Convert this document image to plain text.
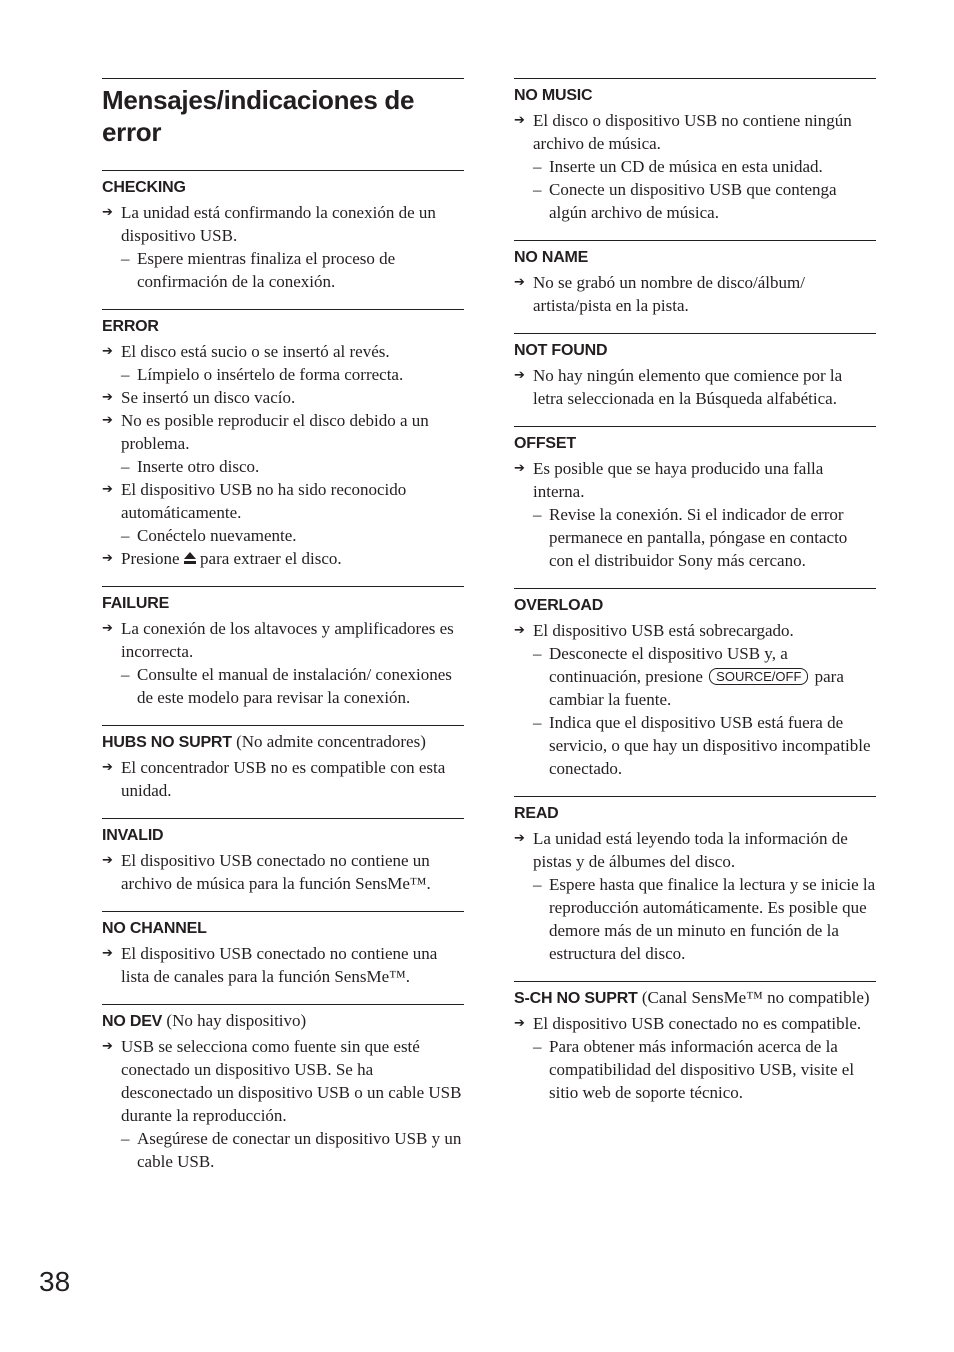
Mensajes/indicaciones de error
CHECKING
➔ La unidad está confirmando la conexión de un dispositivo USB.
– Espere mientras finaliza el proceso de confirmación de la conexión.
ERROR
➔ El disco está sucio o se insertó al revés.
– Límpielo o insértelo de forma correcta.
➔ Se insertó un disco vacío.
➔ No es posible reproducir el disco debido a un problema.
– Inserte otro disco.
➔ El dispositivo USB no ha sido reconocido automáticamente.
– Conéctelo nuevamente.
➔ Presione para extraer el disco.
FAILURE
➔ La conexión de los altavoces y amplificadores es incorrecta.
– Consulte el manual de instalación/ conexiones de este modelo para revisar la conexión.
HUBS NO SUPRT (No admite concentradores)
➔ El concentrador USB no es compatible con esta unidad.
INVALID
➔ El dispositivo USB conectado no contiene un archivo de música para la función SensMe™.
NO CHANNEL
➔ El dispositivo USB conectado no contiene una lista de canales para la función SensMe™.
NO DEV (No hay dispositivo)
➔ USB se selecciona como fuente sin que esté conectado un dispositivo USB. Se ha desconectado un dispositivo USB o un cable USB durante la reproducción.
– Asegúrese de conectar un dispositivo USB y un cable USB.
NO MUSIC
➔ El disco o dispositivo USB no contiene ningún archivo de música.
– Inserte un CD de música en esta unidad.
– Conecte un dispositivo USB que contenga algún archivo de música.
NO NAME
➔ No se grabó un nombre de disco/álbum/ artista/pista en la pista.
NOT FOUND
➔ No hay ningún elemento que comience por la letra seleccionada en la Búsqueda alfabética.
OFFSET
➔ Es posible que se haya producido una falla interna.
– Revise la conexión. Si el indicador de error permanece en pantalla, póngase en contacto con el distribuidor Sony más cercano.
OVERLOAD
➔ El dispositivo USB está sobrecargado.
– Desconecte el dispositivo USB y, a continuación, presione SOURCE/OFF para cambiar la fuente.
– Indica que el dispositivo USB está fuera de servicio, o que hay un dispositivo incompatible conectado.
READ
➔ La unidad está leyendo toda la información de pistas y de álbumes del disco.
– Espere hasta que finalice la lectura y se inicie la reproducción automáticamente. Es posible que demore más de un minuto en función de la estructura del disco.
S-CH NO SUPRT (Canal SensMe™ no compatible)
➔ El dispositivo USB conectado no es compatible.
– Para obtener más información acerca de la compatibilidad del dispositivo USB, visite el sitio web de soporte técnico.
38
